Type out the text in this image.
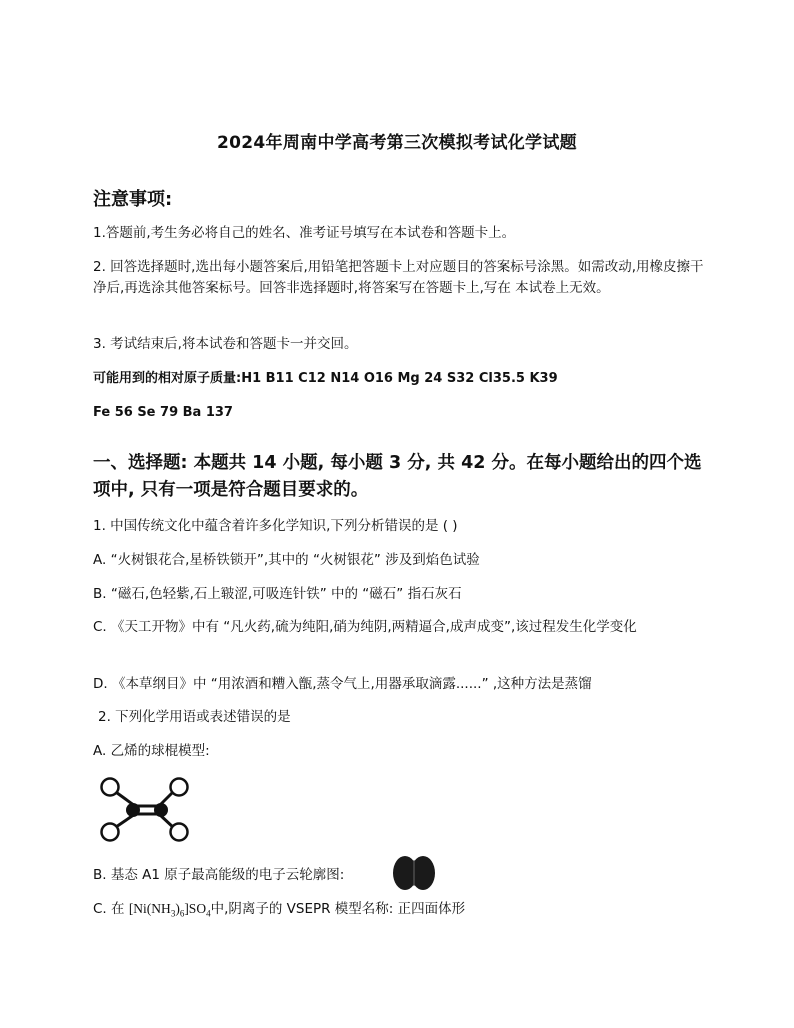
2024年周南中学高考第三次模拟考试化学试题
注意事项:
1.答题前,考生务必将自己的姓名、准考证号填写在本试卷和答题卡上。
2. 回答选择题时,选出每小题答案后,用铅笔把答题卡上对应题目的答案标号涂黑。如需改动,用橡皮擦干净后,再选涂其他答案标号。回答非选择题时,将答案写在答题卡上,写在 本试卷上无效。
3. 考试结束后,将本试卷和答题卡一并交回。
可能用到的相对原子质量:H1 B11 C12 N14 O16 Mg 24 S32 Cl35.5 K39
Fe 56 Se 79 Ba 137
一、选择题: 本题共 14 小题, 每小题 3 分, 共 42 分。在每小题给出的四个选 项中, 只有一项是符合题目要求的。
1. 中国传统文化中蕴含着许多化学知识,下列分析错误的是 ( )
A. “火树银花合,星桥铁锁开”,其中的 “火树银花” 涉及到焰色试验
B. “磁石,色轻紫,石上皲涩,可吸连针铁” 中的 “磁石” 指石灰石
C. 《天工开物》中有 “凡火药,硫为纯阳,硝为纯阴,两精逼合,成声成变”,该过程发生化学变化
D. 《本草纲目》中 “用浓酒和糟入甑,蒸令气上,用器承取滴露......” ,这种方法是蒸馏
2. 下列化学用语或表述错误的是
A. 乙烯的球棍模型:
B. 基态 A1 原子最高能级的电子云轮廓图:
C. 在 $[Ni(NH_3)_6]SO_4$中,阴离子的 VSEPR 模型名称: 正四面体形
